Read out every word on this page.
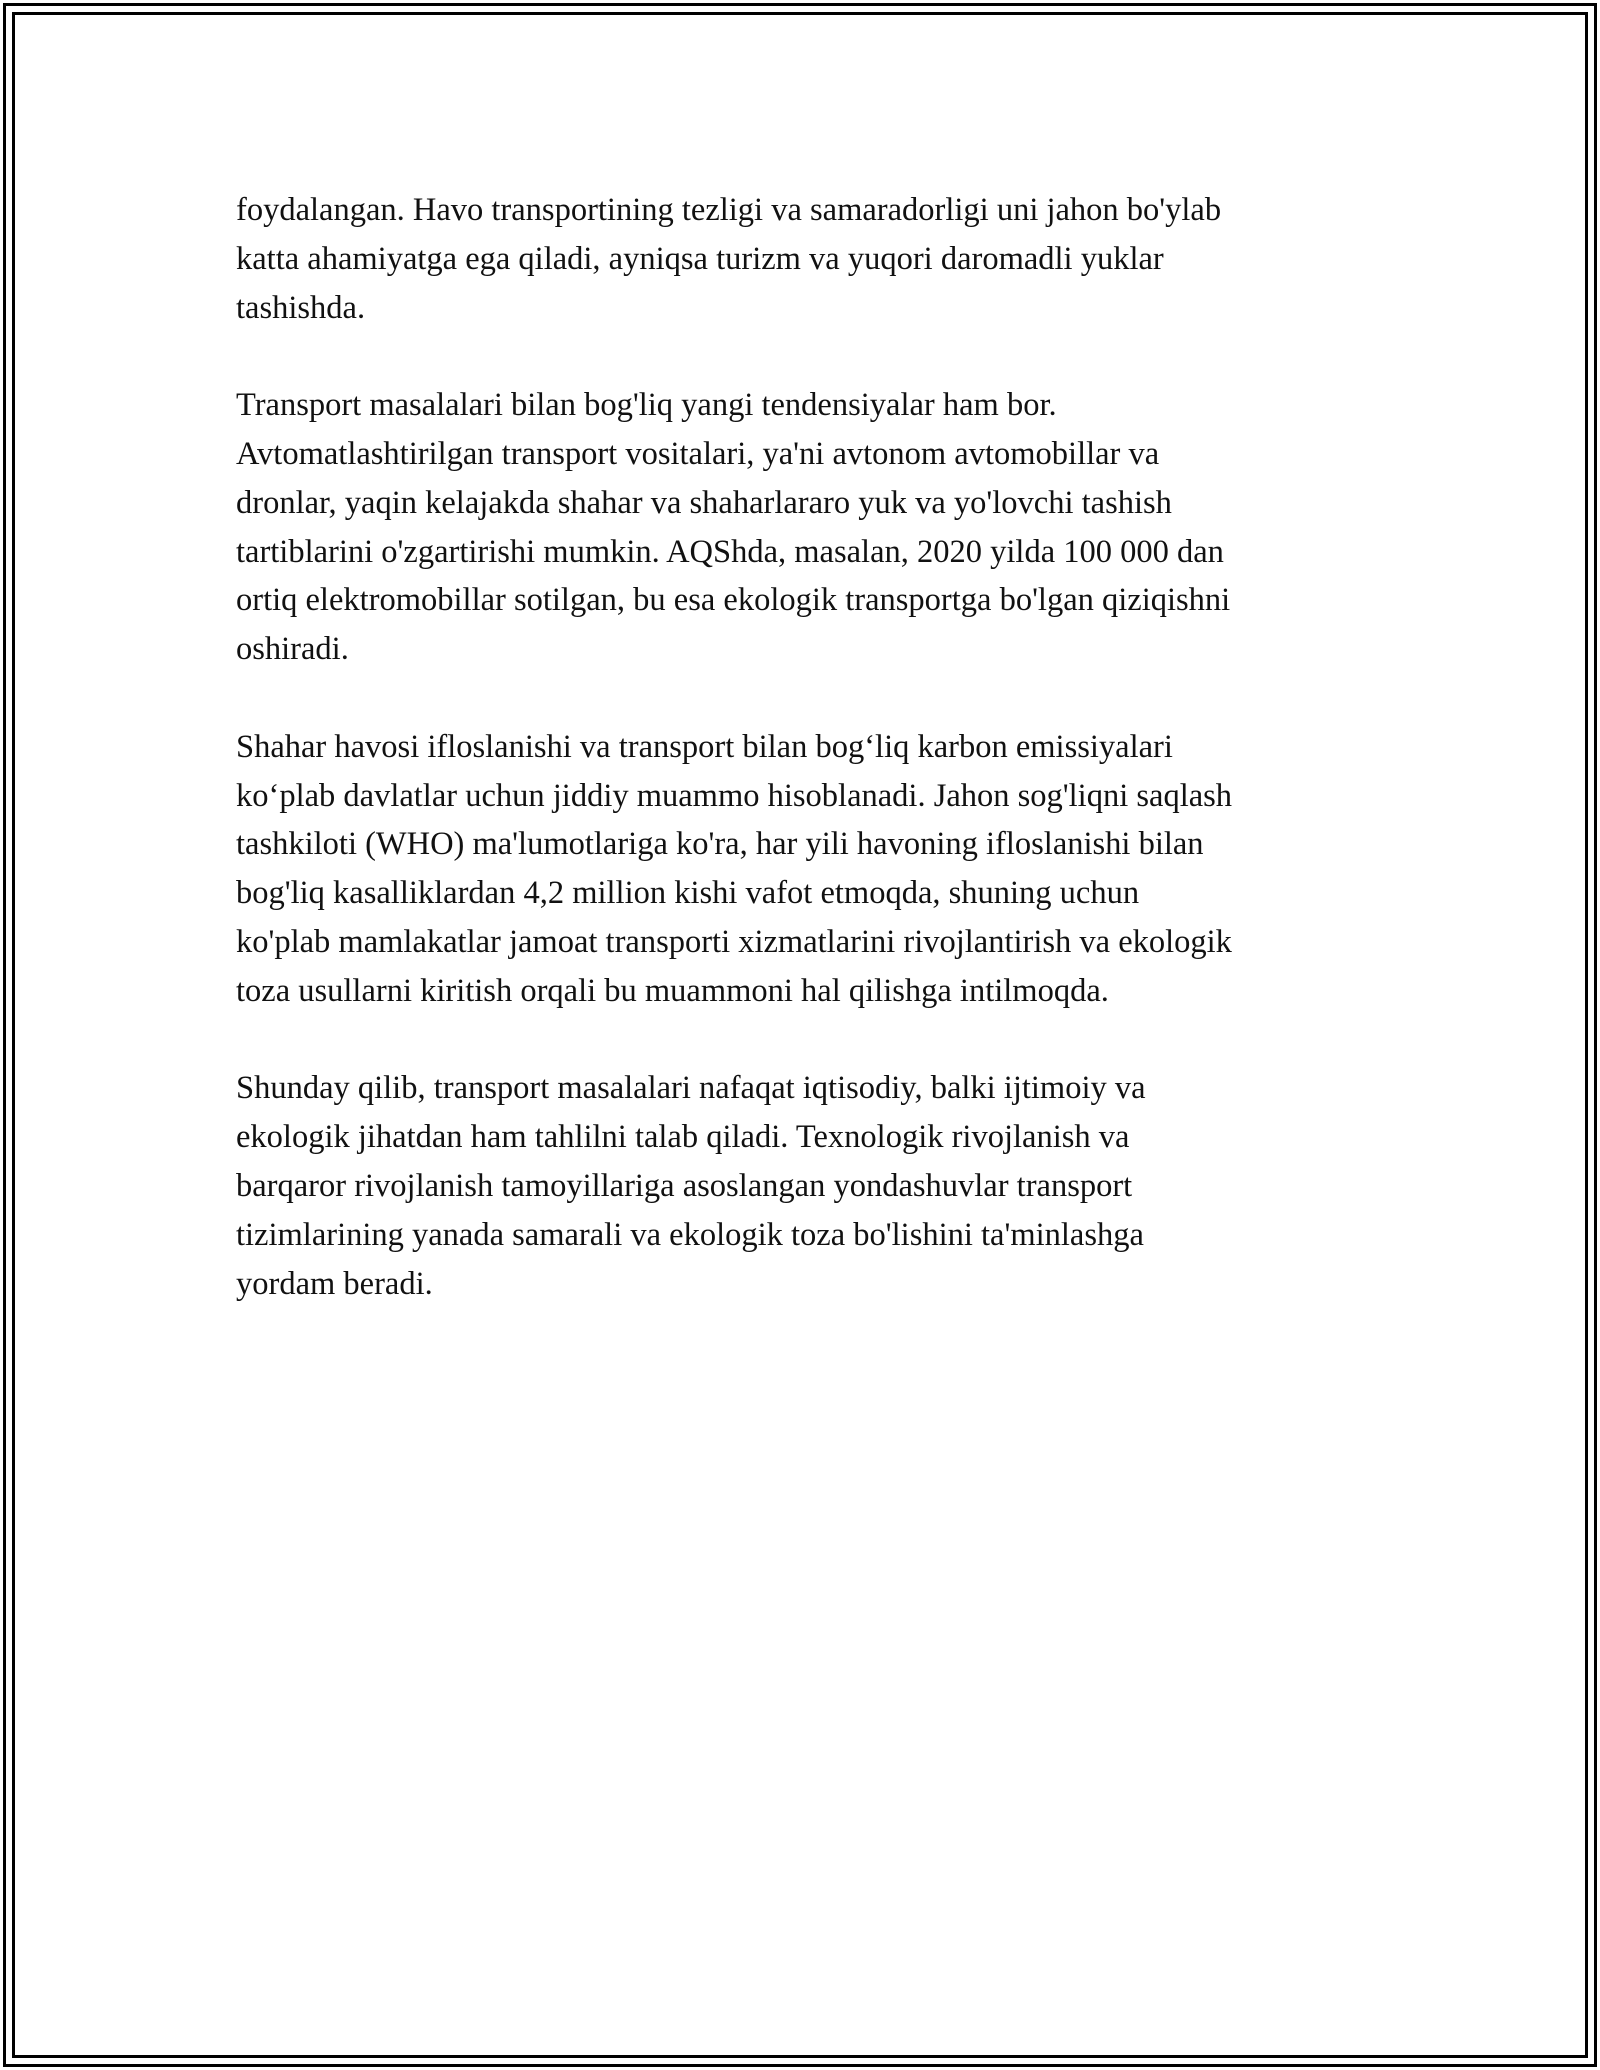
foydalangan. Havo transportining tezligi va samaradorligi uni jahon bo'ylab
katta ahamiyatga ega qiladi, ayniqsa turizm va yuqori daromadli yuklar
tashishda.

Transport masalalari bilan bog'liq yangi tendensiyalar ham bor.
Avtomatlashtirilgan transport vositalari, ya'ni avtonom avtomobillar va
dronlar, yaqin kelajakda shahar va shaharlararo yuk va yo'lovchi tashish
tartiblarini o'zgartirishi mumkin. AQShda, masalan, 2020 yilda 100 000 dan
ortiq elektromobillar sotilgan, bu esa ekologik transportga bo'lgan qiziqishni
oshiradi.

Shahar havosi ifloslanishi va transport bilan bog‘liq karbon emissiyalari
ko‘plab davlatlar uchun jiddiy muammo hisoblanadi. Jahon sog'liqni saqlash
tashkiloti (WHO) ma'lumotlariga ko'ra, har yili havoning ifloslanishi bilan
bog'liq kasalliklardan 4,2 million kishi vafot etmoqda, shuning uchun
ko'plab mamlakatlar jamoat transporti xizmatlarini rivojlantirish va ekologik
toza usullarni kiritish orqali bu muammoni hal qilishga intilmoqda.

Shunday qilib, transport masalalari nafaqat iqtisodiy, balki ijtimoiy va
ekologik jihatdan ham tahlilni talab qiladi. Texnologik rivojlanish va
barqaror rivojlanish tamoyillariga asoslangan yondashuvlar transport
tizimlarining yanada samarali va ekologik toza bo'lishini ta'minlashga
yordam beradi.
